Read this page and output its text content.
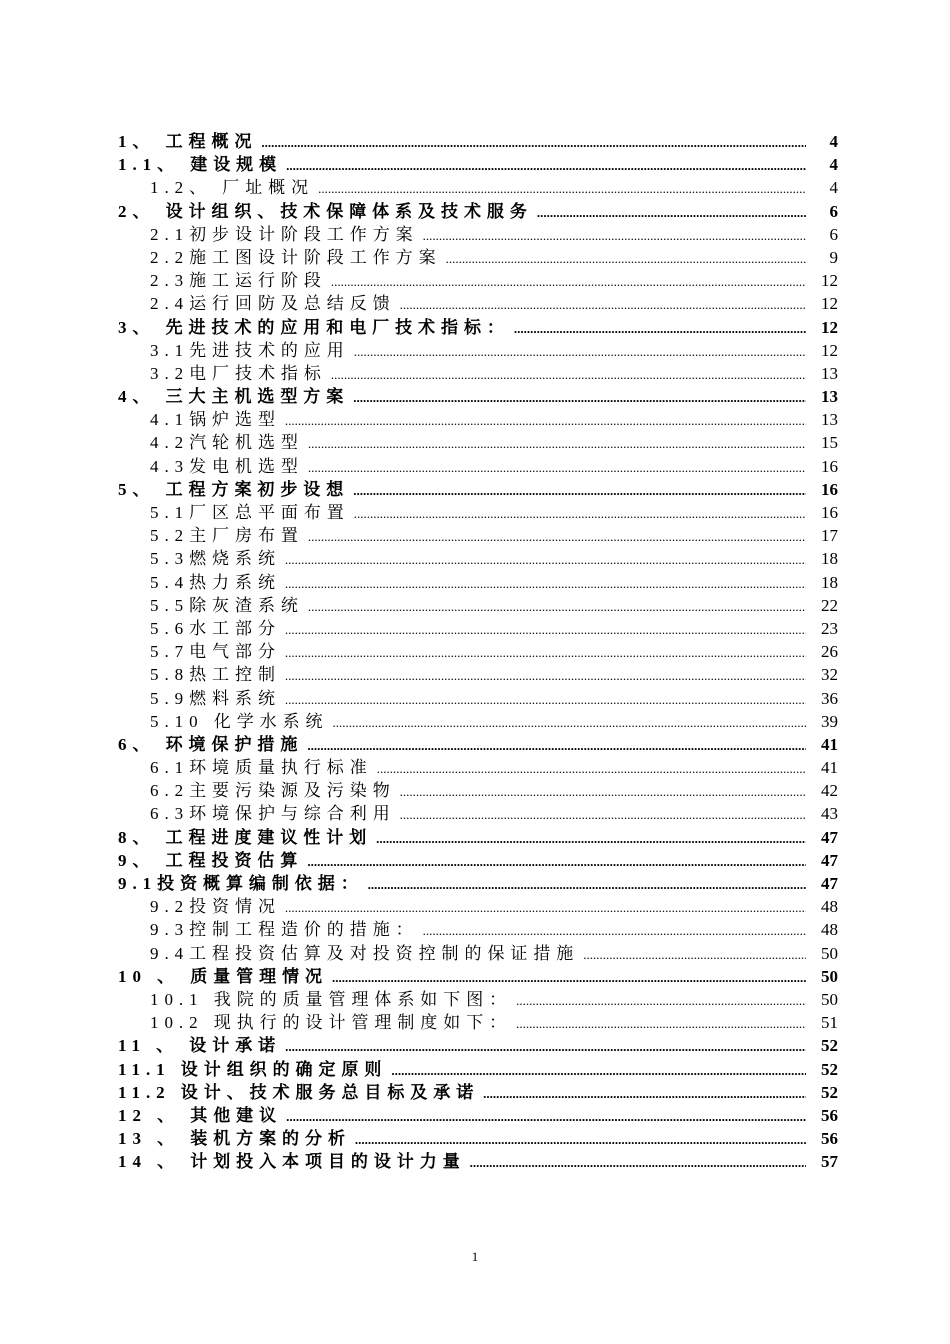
1、 工程概况 .....	4
1.1、 建设规模 .....	4
1.2、 厂址概况 .....	4
2、 设计组织、技术保障体系及技术服务 .....	6
2.1初步设计阶段工作方案 .....	6
2.2施工图设计阶段工作方案 .....	9
2.3施工运行阶段 .....	12
2.4运行回防及总结反馈 .....	12
3、 先进技术的应用和电厂技术指标： .....	12
3.1先进技术的应用 .....	12
3.2电厂技术指标 .....	13
4、 三大主机选型方案 .....	13
4.1锅炉选型 .....	13
4.2汽轮机选型 .....	15
4.3发电机选型 .....	16
5、 工程方案初步设想 .....	16
5.1厂区总平面布置 .....	16
5.2主厂房布置 .....	17
5.3燃烧系统 .....	18
5.4热力系统 .....	18
5.5除灰渣系统 .....	22
5.6水工部分 .....	23
5.7电气部分 .....	26
5.8热工控制 .....	32
5.9燃料系统 .....	36
5.10 化学水系统 .....	39
6、 环境保护措施 .....	41
6.1环境质量执行标准 .....	41
6.2主要污染源及污染物 .....	42
6.3环境保护与综合利用 .....	43
8、 工程进度建议性计划 .....	47
9、 工程投资估算 .....	47
9.1投资概算编制依据： .....	47
9.2投资情况 .....	48
9.3控制工程造价的措施： .....	48
9.4工程投资估算及对投资控制的保证措施 .....	50
10 、 质量管理情况 .....	50
10.1 我院的质量管理体系如下图： .....	50
10.2 现执行的设计管理制度如下： .....	51
11 、 设计承诺 .....	52
11.1 设计组织的确定原则 .....	52
11.2 设计、技术服务总目标及承诺 .....	52
12 、 其他建议 .....	56
13 、 装机方案的分析 .....	56
14 、 计划投入本项目的设计力量 .....	57
1
